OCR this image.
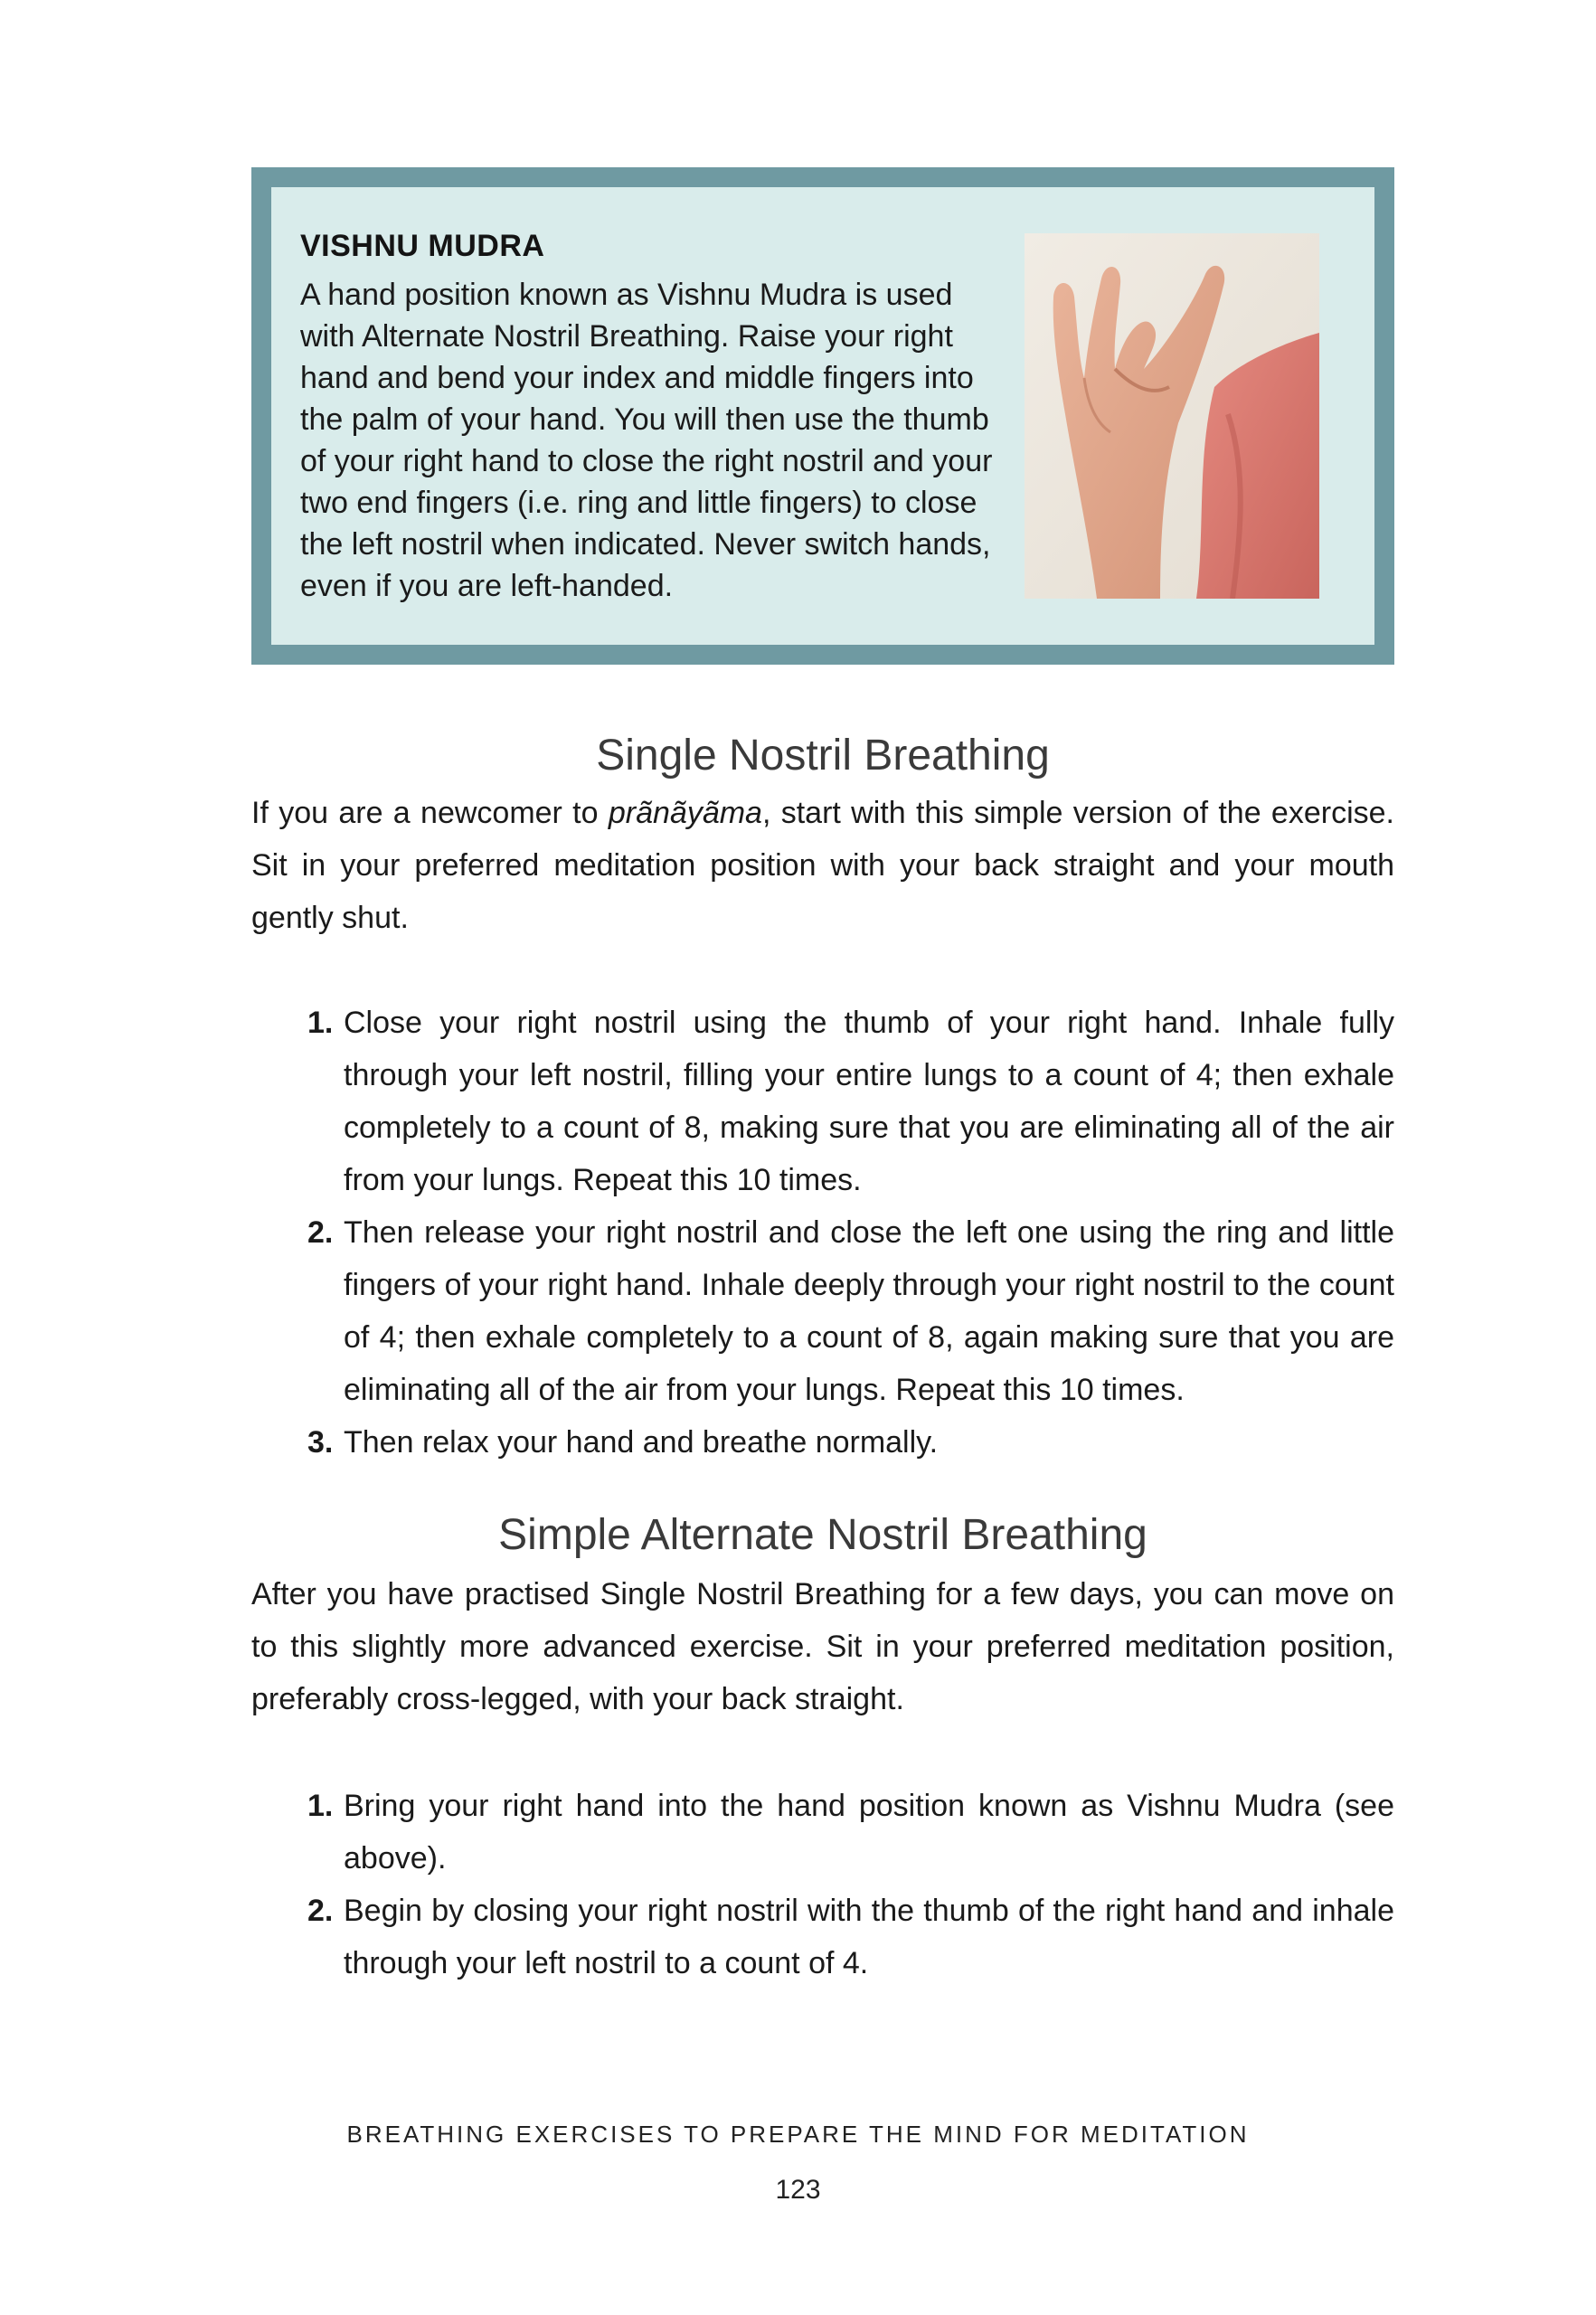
VISHNU MUDRA

A hand position known as Vishnu Mudra is used with Alternate Nostril Breathing. Raise your right hand and bend your index and middle fingers into the palm of your hand. You will then use the thumb of your right hand to close the right nostril and your two end fingers (i.e. ring and little fingers) to close the left nostril when indicated. Never switch hands, even if you are left-handed.

Single Nostril Breathing

If you are a newcomer to prãnãyãma, start with this simple version of the exercise. Sit in your preferred meditation position with your back straight and your mouth gently shut.

1. Close your right nostril using the thumb of your right hand. Inhale fully through your left nostril, filling your entire lungs to a count of 4; then exhale completely to a count of 8, making sure that you are eliminating all of the air from your lungs. Repeat this 10 times.
2. Then release your right nostril and close the left one using the ring and little fingers of your right hand. Inhale deeply through your right nostril to the count of 4; then exhale completely to a count of 8, again making sure that you are eliminating all of the air from your lungs. Repeat this 10 times.
3. Then relax your hand and breathe normally.
Simple Alternate Nostril Breathing

After you have practised Single Nostril Breathing for a few days, you can move on to this slightly more advanced exercise. Sit in your preferred meditation position, preferably cross-legged, with your back straight.

1. Bring your right hand into the hand position known as Vishnu Mudra (see above).
2. Begin by closing your right nostril with the thumb of the right hand and inhale through your left nostril to a count of 4.

BREATHING EXERCISES TO PREPARE THE MIND FOR MEDITATION

123
